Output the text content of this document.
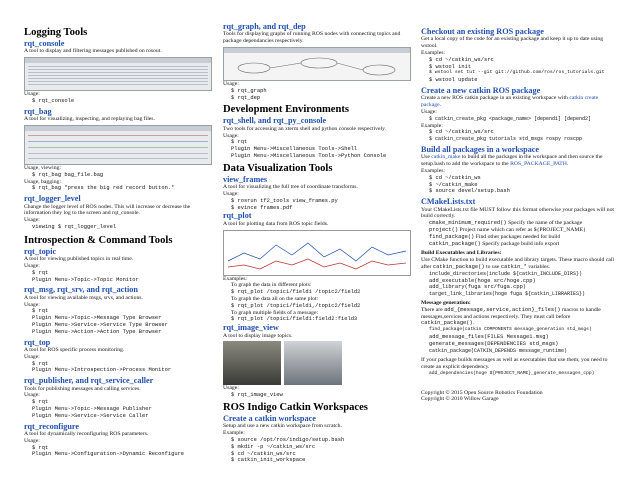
Logging Tools

rqt_console

A tool to display and filtering messages published on rosout.

Usage:

$ rqt_console

rqt_bag

A tool for visualizing, inspecting, and replaying bag files.

Usage, viewing:

$ rqt_bag bag_file.bag

Usage, bagging:

$ rqt_bag *press the big red record button.*

rqt_logger_level

Change the logger level of ROS nodes. This will increase or decrease the information they log to the screen and rqt_console.

Usage:

viewing $ rqt_logger_level

Introspection & Command Tools

rqt_topic

A tool for viewing published topics in real time.

Usage:

$ rqt

Plugin Menu->Topic->Topic Monitor

rqt_msg, rqt_srv, and rqt_action

A tool for viewing available msgs, srvs, and actions.

Usage:

$ rqt

Plugin Menu->Topic->Message Type Browser

Plugin Menu->Service->Service Type Browser

Plugin Menu->Action->Action Type Browser

rqt_top

A tool for ROS specific process monitoring.

Usage:

$ rqt

Plugin Menu->Introspection->Process Monitor

rqt_publisher, and rqt_service_caller

Tools for publishing messages and calling services.

Usage:

$ rqt

Plugin Menu->Topic->Message Publisher

Plugin Menu->Service->Service Caller

rqt_reconfigure

A tool for dynamically reconfiguring ROS parameters.

Usage:

$ rqt

Plugin Menu->Configuration->Dynamic Reconfigure

rqt_graph, and rqt_dep

Tools for displaying graphs of running ROS nodes with connecting topics and package dependancies respectively.

Usage:

$ rqt_graph

$ rqt_dep

Development Environments

rqt_shell, and rqt_py_console

Two tools for accessing an xterm shell and python console respectively.

Usage:

$ rqt

Plugin Menu->Miscellaneous Tools->Shell

Plugin Menu->Miscellaneous Tools->Python Console

Data Visualization Tools

view_frames

A tool for visualizing the full tree of coordinate transforms.

Usage:

$ rosrun tf2_tools view_frames.py

$ evince frames.pdf

rqt_plot

A tool for plotting data from ROS topic fields.

Examples:

To graph the data in different plots:

$ rqt_plot /topic1/field1 /topic2/field2

To graph the data all on the same plot:

$ rqt_plot /topic1/field1,/topic2/field2

To graph multiple fields of a message:

$ rqt_plot /topic1/field1:field2:field3

rqt_image_view

A tool to display image topics.

Usage:

$ rqt_image_view

ROS Indigo Catkin Workspaces

Create a catkin workspace

Setup and use a new catkin workspace from scratch.

Example:

$ source /opt/ros/indigo/setup.bash

$ mkdir -p ~/catkin_ws/src

$ cd ~/catkin_ws/src

$ catkin_init_workspace

Checkout an existing ROS package

Get a local copy of the code for an existing package and keep it up to date using wstool.

Examples:

$ cd ~/catkin_ws/src

$ wstool init

$ wstool set tut --git git://github.com/ros/ros_tutorials.git

$ wstool update

Create a new catkin ROS package

Create a new ROS catkin package in an existing workspace with catkin create package.

Usage:

$ catkin_create_pkg <package_name> [depend1] [depend2]

Example:

$ cd ~/catkin_ws/src

$ catkin_create_pkg tutorials std_msgs rospy roscpp

Build all packages in a workspace

Use catkin_make to build all the packages in the workspace and then source the setup.bash to add the workspace to the ROS_PACKAGE_PATH.

Examples:

$ cd ~/catkin_ws

$ ~/catkin_make

$ source devel/setup.bash

CMakeLists.txt

Your CMakeLists.txt file MUST follow this format otherwise your packages will not build correctly.

cmake_minimum_required() Specify the name of the package

project() Project name which can refer as ${PROJECT_NAME}

find_package() Find other packages needed for build

catkin_package() Specify package build info export

Build Executables and Libraries:

Use CMake function to build executable and library targets. These macro should call after catkin_package() to use catkin_* variables.

include_directories(include ${catkin_INCLUDE_DIRS})

add_executable(hoge src/hoge.cpp)

add_library(fuga src/fuga.cpp)

target_link_libraries(hoge fuga ${catkin_LIBRARIES})

Message generation:

There are add_{message,service,action}_files() macros to handle messages,services and actions respectively. They must call before catkin_package().

find_package(catkin COMPONENTS message_generation std_msgs)

add_message_files(FILES Message1.msg)

generate_messages(DEPENDENCIES std_msgs)

catkin_package(CATKIN_DEPENDS message_runtime)

If your package builds messages as well as executables that use them, you need to create an explicit dependency.

add_dependencies(hoge ${PROJECT_NAME}_generate_messages_cpp)

Copyright © 2015 Open Source Robotics Foundation

Copyright © 2010 Willow Garage
